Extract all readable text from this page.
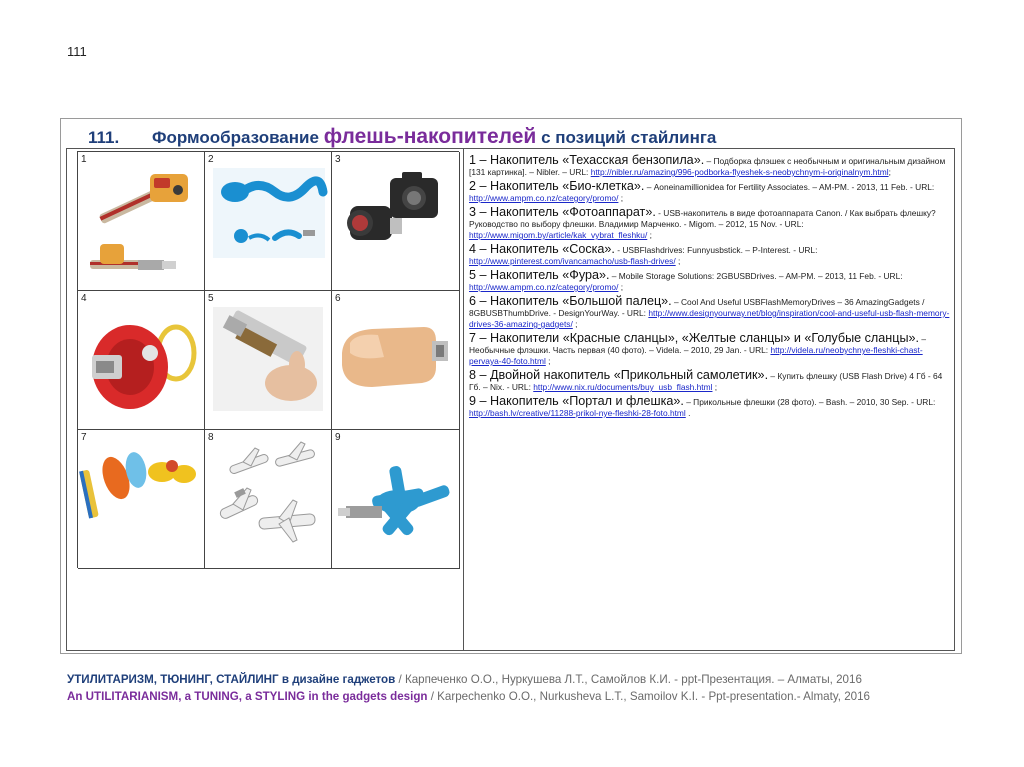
111
111. Формообразование флешь-накопителей с позиций стайлинга
1	2	3
4	5	6
7	8	9
1 – Накопитель «Техасская бензопила». – Подборка флэшек с необычным и оригинальным дизайном [131 картинка]. – Nibler. – URL: http://nibler.ru/amazing/996-podborka-flyeshek-s-neobychnym-i-originalnym.html;
2 – Накопитель «Био-клетка». – Aoneinamillionidea for Fertility Associates. – AM-PM. - 2013, 11 Feb. - URL: http://www.ampm.co.nz/category/promo/ ;
3 – Накопитель «Фотоаппарат». - USB-накопитель в виде фотоаппарата Canon. / Как выбрать флешку? Руководство по выбору флешки. Владимир Марченко. - Migom. – 2012, 15 Nov. - URL: http://www.migom.by/article/kak_vybrat_fleshku/ ;
4 – Накопитель «Соска». - USBFlashdrives: Funnyusbstick. – P-Interest. - URL: http://www.pinterest.com/ivancamacho/usb-flash-drives/ ;
5 – Накопитель «Фура». – Mobile Storage Solutions: 2GBUSBDrives. – AM-PM. – 2013, 11 Feb. - URL: http://www.ampm.co.nz/category/promo/ ;
6 – Накопитель «Большой палец». – Cool And Useful USBFlashMemoryDrives – 36 AmazingGadgets / 8GBUSBThumbDrive. - DesignYourWay. - URL: http://www.designyourway.net/blog/inspiration/cool-and-useful-usb-flash-memory-drives-36-amazing-gadgets/ ;
7 – Накопители «Красные сланцы», «Желтые сланцы» и «Голубые сланцы». – Необычные флэшки. Часть первая (40 фото). – Videla. – 2010, 29 Jan. - URL: http://videla.ru/neobychnye-fleshki-chast-pervaya-40-foto.html ;
8 – Двойной накопитель «Прикольный самолетик». – Купить флешку (USB Flash Drive) 4 Гб - 64 Гб. – Nix. - URL: http://www.nix.ru/documents/buy_usb_flash.html ;
9 – Накопитель «Портал и флешка». – Прикольные флешки (28 фото). – Bash. – 2010, 30 Sep. - URL: http://bash.lv/creative/11288-prikol-nye-fleshki-28-foto.html .
УТИЛИТАРИЗМ, ТЮНИНГ, СТАЙЛИНГ в дизайне гаджетов / Карпеченко О.О., Нуркушева Л.Т., Самойлов К.И. - ppt-Презентация. – Алматы, 2016
An UTILITARIANISM, a TUNING, a STYLING in the gadgets design / Karpechenko O.O., Nurkusheva L.T., Samoilov K.I. - Ppt-presentation.- Almaty, 2016
